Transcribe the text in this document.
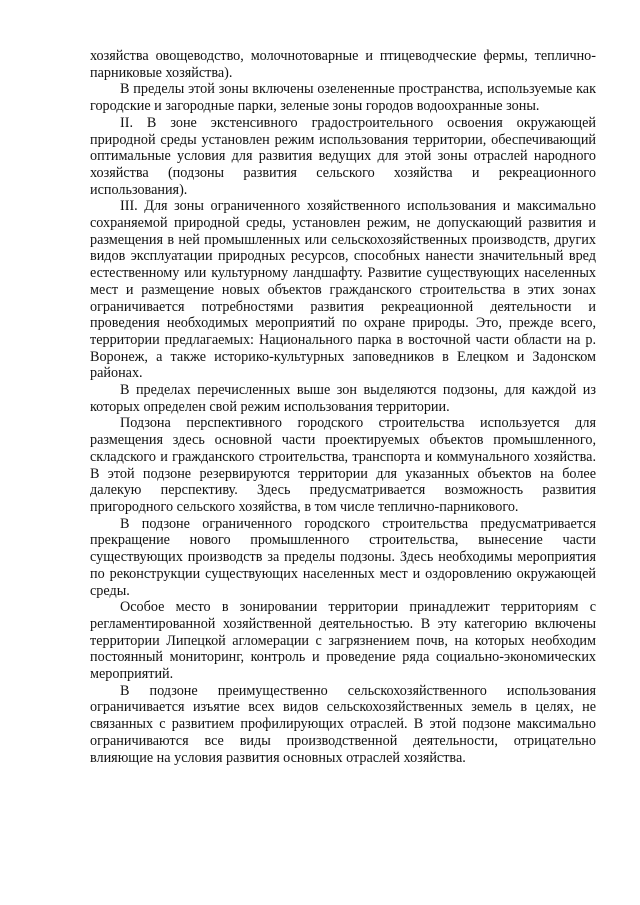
хозяйства овощеводство, молочнотоварные и птицеводческие фермы, теплично-парниковые хозяйства).

В пределы этой зоны включены озелененные пространства, используемые как городские и загородные парки, зеленые зоны городов водоохранные зоны.

II. В зоне экстенсивного градостроительного освоения окружающей природной среды установлен режим использования территории, обеспечивающий оптимальные условия для развития ведущих для этой зоны отраслей народного хозяйства (подзоны развития сельского хозяйства и рекреационного использования).

III. Для зоны ограниченного хозяйственного использования и максимально сохраняемой природной среды, установлен режим, не допускающий развития и размещения в ней промышленных или сельскохозяйственных производств, других видов эксплуатации природных ресурсов, способных нанести значительный вред естественному или культурному ландшафту. Развитие существующих населенных мест и размещение новых объектов гражданского строительства в этих зонах ограничивается потребностями развития рекреационной деятельности и проведения необходимых мероприятий по охране природы. Это, прежде всего, территории предлагаемых: Национального парка в восточной части области на р. Воронеж, а также историко-культурных заповедников в Елецком и Задонском районах.

В пределах перечисленных выше зон выделяются подзоны, для каждой из которых определен свой режим использования территории.

Подзона перспективного городского строительства используется для размещения здесь основной части проектируемых объектов промышленного, складского и гражданского строительства, транспорта и коммунального хозяйства. В этой подзоне резервируются территории для указанных объектов на более далекую перспективу. Здесь предусматривается возможность развития пригородного сельского хозяйства, в том числе теплично-парникового.

В подзоне ограниченного городского строительства предусматривается прекращение нового промышленного строительства, вынесение части существующих производств за пределы подзоны. Здесь необходимы мероприятия по реконструкции существующих населенных мест и оздоровлению окружающей среды.

Особое место в зонировании территории принадлежит территориям с регламентированной хозяйственной деятельностью. В эту категорию включены территории Липецкой агломерации с загрязнением почв, на которых необходим постоянный мониторинг, контроль и проведение ряда социально-экономических мероприятий.

В подзоне преимущественно сельскохозяйственного использования ограничивается изъятие всех видов сельскохозяйственных земель в целях, не связанных с развитием профилирующих отраслей. В этой подзоне максимально ограничиваются все виды производственной деятельности, отрицательно влияющие на условия развития основных отраслей хозяйства.
